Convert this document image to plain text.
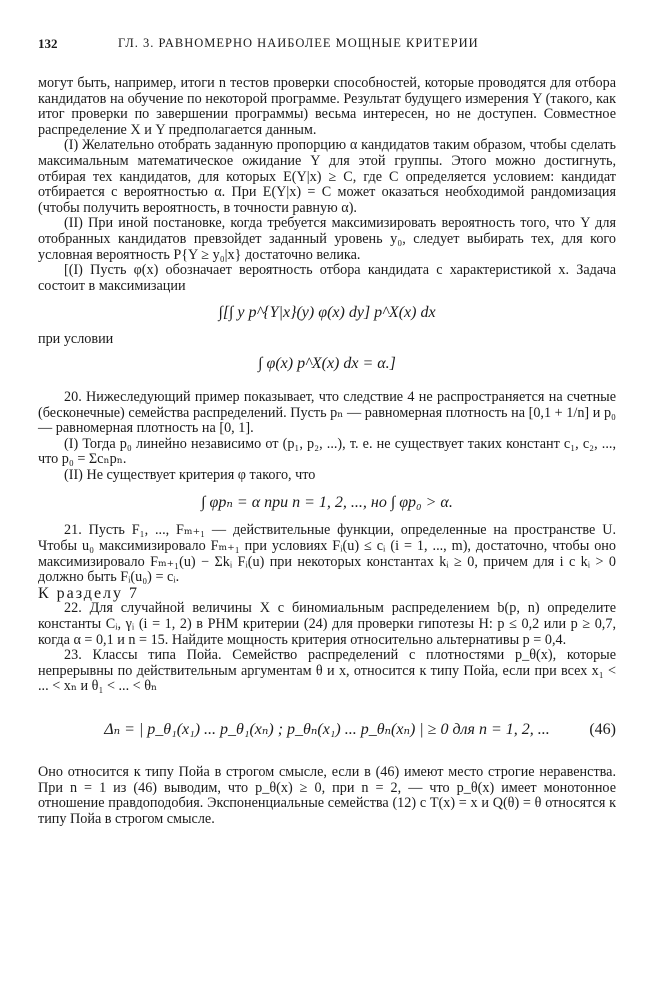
132	ГЛ. 3. РАВНОМЕРНО НАИБОЛЕЕ МОЩНЫЕ КРИТЕРИИ

могут быть, например, итоги n тестов проверки способностей, которые проводятся для отбора кандидатов на обучение по некоторой программе. Результат будущего измерения Y (такого, как итог проверки по завершении программы) весьма интересен, но не доступен. Совместное распределение X и Y предполагается данным.

(I) Желательно отобрать заданную пропорцию α кандидатов таким образом, чтобы сделать максимальным математическое ожидание Y для этой группы. Этого можно достигнуть, отбирая тех кандидатов, для которых E(Y|x) ≥ C, где C определяется условием: кандидат отбирается с вероятностью α. При E(Y|x) = C может оказаться необходимой рандомизация (чтобы получить вероятность, в точности равную α).

(II) При иной постановке, когда требуется максимизировать вероятность того, что Y для отобранных кандидатов превзойдет заданный уровень y₀, следует выбирать тех, для кого условная вероятность P{Y ≥ y₀|x} достаточно велика.

[(I) Пусть φ(x) обозначает вероятность отбора кандидата с характеристикой x. Задача состоит в максимизации

∫[∫ y p^{Y|x}(y) φ(x) dy] p^X(x) dx

при условии

∫ φ(x) p^X(x) dx = α.]

20. Нижеследующий пример показывает, что следствие 4 не распространяется на счетные (бесконечные) семейства распределений. Пусть pₙ — равномерная плотность на [0,1 + 1/n] и p₀ — равномерная плотность на [0, 1].

(I) Тогда p₀ линейно независимо от (p₁, p₂, ...), т. е. не существует таких констант c₁, c₂, ..., что p₀ = Σcₙpₙ.

(II) Не существует критерия φ такого, что

∫ φpₙ = α при n = 1, 2, ..., но ∫ φp₀ > α.

21. Пусть F₁, ..., Fₘ₊₁ — действительные функции, определенные на пространстве U. Чтобы u₀ максимизировало Fₘ₊₁ при условиях Fᵢ(u) ≤ cᵢ (i = 1, ..., m), достаточно, чтобы оно максимизировало Fₘ₊₁(u) − Σkᵢ Fᵢ(u) при некоторых константах kᵢ ≥ 0, причем для i с kᵢ > 0 должно быть Fᵢ(u₀) = cᵢ.

К разделу 7

22. Для случайной величины X с биномиальным распределением b(p, n) определите константы Cᵢ, γᵢ (i = 1, 2) в РНМ критерии (24) для проверки гипотезы H: p ≤ 0,2 или p ≥ 0,7, когда α = 0,1 и n = 15. Найдите мощность критерия относительно альтернативы p = 0,4.

23. Классы типа Пойа. Семейство распределений с плотностями p_θ(x), которые непрерывны по действительным аргументам θ и x, относится к типу Пойа, если при всех x₁ < ... < xₙ и θ₁ < ... < θₙ

Δₙ = | p_θ₁(x₁) ... p_θ₁(xₙ) ; p_θₙ(x₁) ... p_θₙ(xₙ) | ≥ 0 для n = 1, 2, ... (46)

Оно относится к типу Пойа в строгом смысле, если в (46) имеют место строгие неравенства. При n = 1 из (46) выводим, что p_θ(x) ≥ 0, при n = 2, — что p_θ(x) имеет монотонное отношение правдоподобия. Экспоненциальные семейства (12) с T(x) = x и Q(θ) = θ относятся к типу Пойа в строгом смысле.
